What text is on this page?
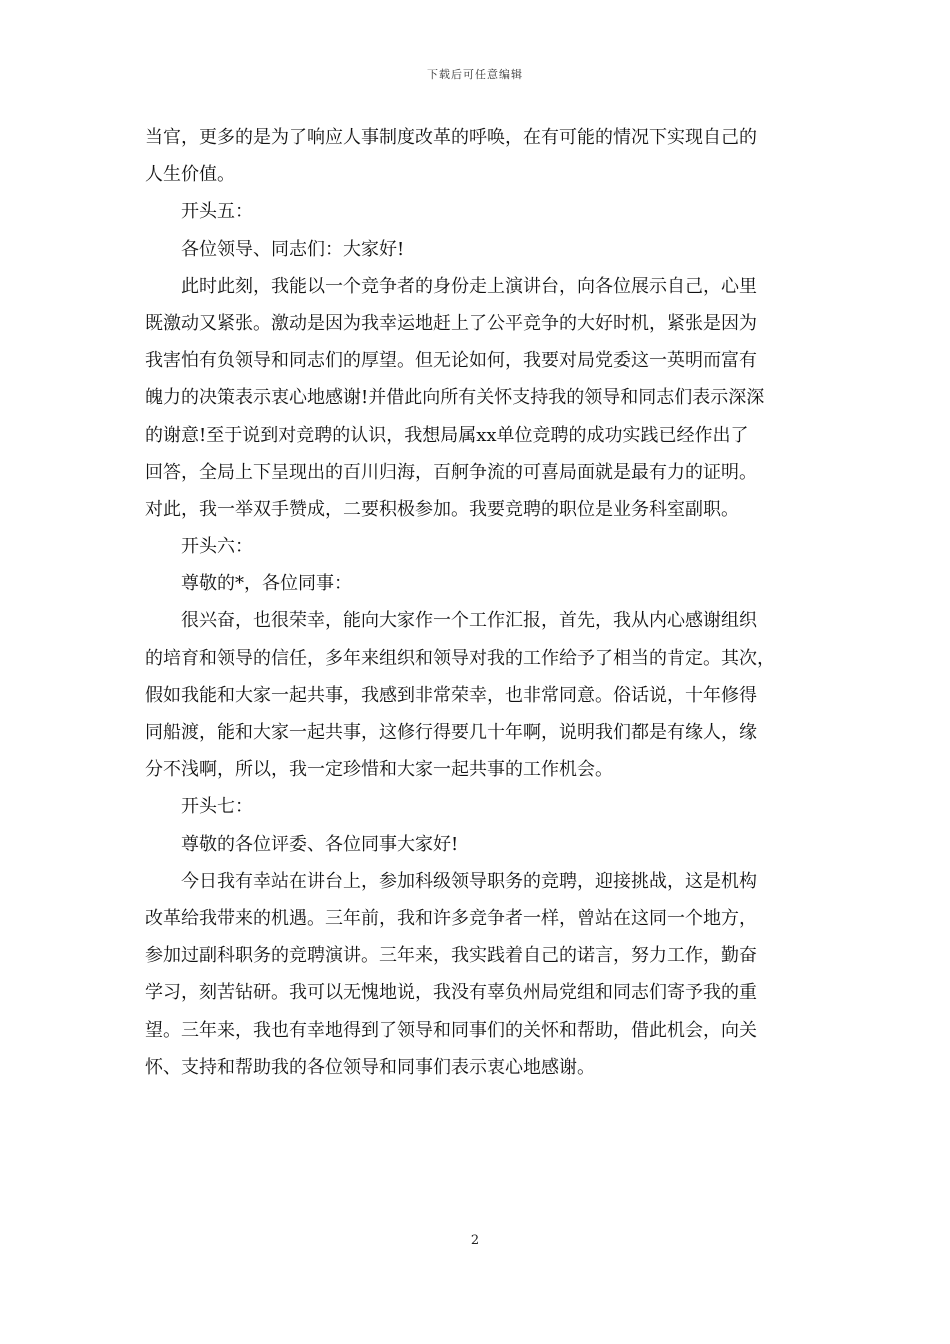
下载后可任意编辑
当官，更多的是为了响应人事制度改革的呼唤，在有可能的情况下实现自己的
人生价值。
开头五：
各位领导、同志们：大家好!
此时此刻，我能以一个竞争者的身份走上演讲台，向各位展示自己，心里
既激动又紧张。激动是因为我幸运地赶上了公平竞争的大好时机，紧张是因为
我害怕有负领导和同志们的厚望。但无论如何，我要对局党委这一英明而富有
魄力的决策表示衷心地感谢!并借此向所有关怀支持我的领导和同志们表示深深
的谢意!至于说到对竞聘的认识，我想局属xx单位竞聘的成功实践已经作出了
回答，全局上下呈现出的百川归海，百舸争流的可喜局面就是最有力的证明。
对此，我一举双手赞成，二要积极参加。我要竞聘的职位是业务科室副职。
开头六：
尊敬的*，各位同事：
很兴奋，也很荣幸，能向大家作一个工作汇报，首先，我从内心感谢组织
的培育和领导的信任，多年来组织和领导对我的工作给予了相当的肯定。其次，
假如我能和大家一起共事，我感到非常荣幸，也非常同意。俗话说，十年修得
同船渡，能和大家一起共事，这修行得要几十年啊，说明我们都是有缘人，缘
分不浅啊，所以，我一定珍惜和大家一起共事的工作机会。
开头七：
尊敬的各位评委、各位同事大家好!
今日我有幸站在讲台上，参加科级领导职务的竞聘，迎接挑战，这是机构
改革给我带来的机遇。三年前，我和许多竞争者一样，曾站在这同一个地方，
参加过副科职务的竞聘演讲。三年来，我实践着自己的诺言，努力工作，勤奋
学习，刻苦钻研。我可以无愧地说，我没有辜负州局党组和同志们寄予我的重
望。三年来，我也有幸地得到了领导和同事们的关怀和帮助，借此机会，向关
怀、支持和帮助我的各位领导和同事们表示衷心地感谢。
2
